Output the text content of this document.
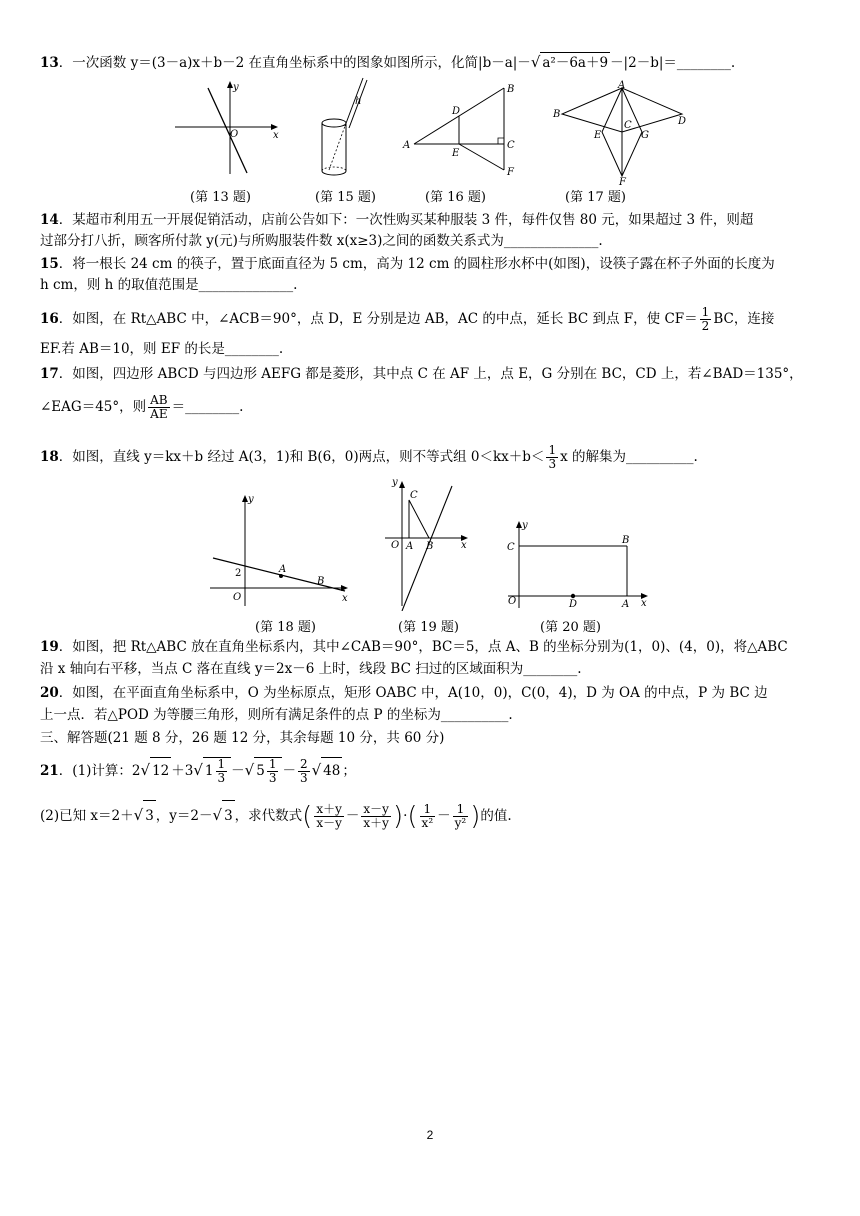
13．一次函数 y＝(3－a)x＋b－2 在直角坐标系中的图象如图所示，化简|b－a|－√ a²－6a＋9 －|2－b|＝________.
y
x
O
h
A
B
C
D
E
F
A
B
C	D
E
F
G
(第 13 题)	(第 15 题)	(第 16 题)	(第 17 题)
14．某超市利用五一开展促销活动，店前公告如下：一次性购买某种服装 3 件，每件仅售 80 元，如果超过 3 件，则超
过部分打八折，顾客所付款 y(元)与所购服装件数 x(x≥3)之间的函数关系式为______________.
15．将一根长 24 cm 的筷子，置于底面直径为 5 cm，高为 12 cm 的圆柱形水杯中(如图)，设筷子露在杯子外面的长度为
h cm，则 h 的取值范围是______________.
16．如图，在 Rt△ABC 中，∠ACB＝90°，点 D，E 分别是边 AB，AC 的中点，延长 BC 到点 F，使 $CF= \frac{1}{2}$ BC，连接
EF.若 AB＝10，则 EF 的长是________.
17．如图，四边形 ABCD 与四边形 AEFG 都是菱形，其中点 C 在 AF 上，点 E，G 分别在 BC，CD 上，若∠BAD＝135°，
∠EAG＝45°，则 $\frac{AB}{AE}$ ＝________.
18．如图，直线 y＝kx＋b 经过 A(3，1)和 B(6，0)两点，则不等式组 $0<kx+b< \frac{1}{3}$ x 的解集为__________.
y
x
O
A
B
2
y
x
O A B
C
y
x
O	A
B
C
D
(第 18 题)	(第 19 题)	(第 20 题)
19．如图，把 Rt△ABC 放在直角坐标系内，其中∠CAB＝90°，BC＝5，点 A、B 的坐标分别为(1，0)、(4，0)，将△ABC
沿 x 轴向右平移，当点 C 落在直线 y＝2x－6 上时，线段 BC 扫过的区域面积为________.
20．如图，在平面直角坐标系中，O 为坐标原点，矩形 OABC 中，A(10，0)，C(0，4)，D 为 OA 的中点，P 为 BC 边
上一点．若△POD 为等腰三角形，则所有满足条件的点 P 的坐标为__________.
三、解答题(21 题 8 分，26 题 12 分，其余每题 10 分，共 60 分)
21．(1)计算：2√ 12 ＋3√ $1 \frac{1}{3}$ －√ $5 \frac{1}{3} - \frac{2}{3}$ √ 48 ；
(2)已知 x＝2＋√ 3 ，y＝2－√ 3 ，求代数式( $\frac{x+y}{x-y} - \frac{x-y}{x+y}$ )·( $\frac{1}{\text{x²}} - \frac{1}{\text{y²}}$ )的值.
2
